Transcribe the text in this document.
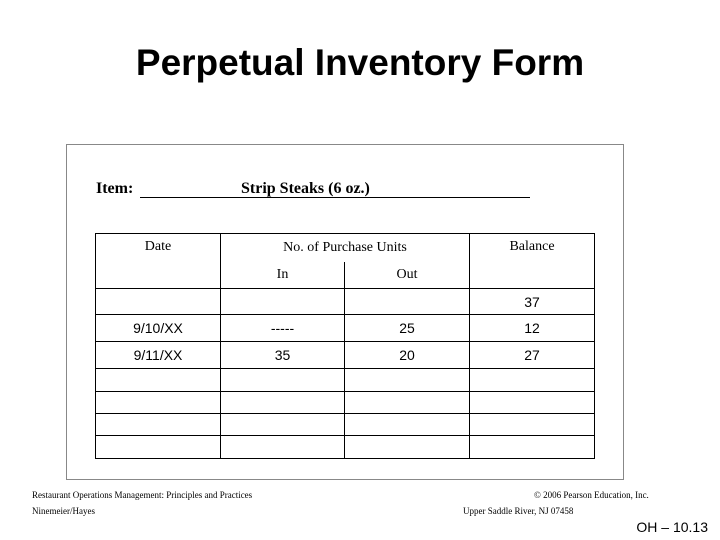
Perpetual Inventory Form
Item:	Strip Steaks (6 oz.)
Date	No. of Purchase Units		Balance
	In	Out	
			37
9/10/XX	-----	25	12
9/11/XX	35	20	27

Restaurant Operations Management: Principles and Practices
Ninemeier/Hayes
© 2006 Pearson Education, Inc.
Upper Saddle River, NJ 07458
OH – 10.13
